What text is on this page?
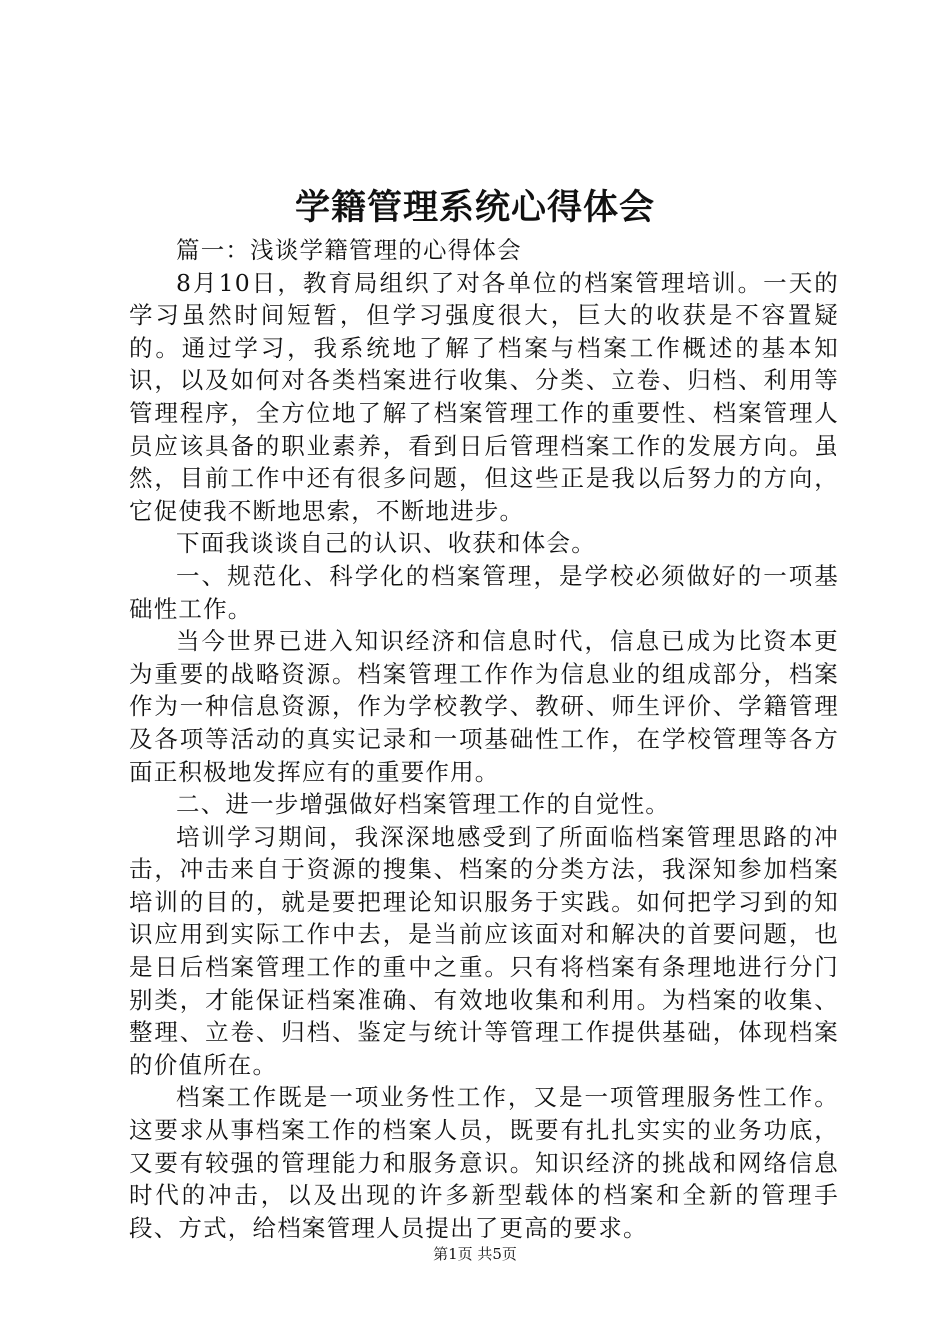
学籍管理系统心得体会

篇一：浅谈学籍管理的心得体会

8月10日，教育局组织了对各单位的档案管理培训。一天的学习虽然时间短暂，但学习强度很大，巨大的收获是不容置疑的。通过学习，我系统地了解了档案与档案工作概述的基本知识，以及如何对各类档案进行收集、分类、立卷、归档、利用等管理程序，全方位地了解了档案管理工作的重要性、档案管理人员应该具备的职业素养，看到日后管理档案工作的发展方向。虽然，目前工作中还有很多问题，但这些正是我以后努力的方向，它促使我不断地思索，不断地进步。

下面我谈谈自己的认识、收获和体会。

一、规范化、科学化的档案管理，是学校必须做好的一项基础性工作。

当今世界已进入知识经济和信息时代，信息已成为比资本更为重要的战略资源。档案管理工作作为信息业的组成部分，档案作为一种信息资源，作为学校教学、教研、师生评价、学籍管理及各项等活动的真实记录和一项基础性工作，在学校管理等各方面正积极地发挥应有的重要作用。

二、进一步增强做好档案管理工作的自觉性。

培训学习期间，我深深地感受到了所面临档案管理思路的冲击，冲击来自于资源的搜集、档案的分类方法，我深知参加档案培训的目的，就是要把理论知识服务于实践。如何把学习到的知识应用到实际工作中去，是当前应该面对和解决的首要问题，也是日后档案管理工作的重中之重。只有将档案有条理地进行分门别类，才能保证档案准确、有效地收集和利用。为档案的收集、整理、立卷、归档、鉴定与统计等管理工作提供基础，体现档案的价值所在。

档案工作既是一项业务性工作，又是一项管理服务性工作。这要求从事档案工作的档案人员，既要有扎扎实实的业务功底，又要有较强的管理能力和服务意识。知识经济的挑战和网络信息时代的冲击，以及出现的许多新型载体的档案和全新的管理手段、方式，给档案管理人员提出了更高的要求。

第1页 共5页
